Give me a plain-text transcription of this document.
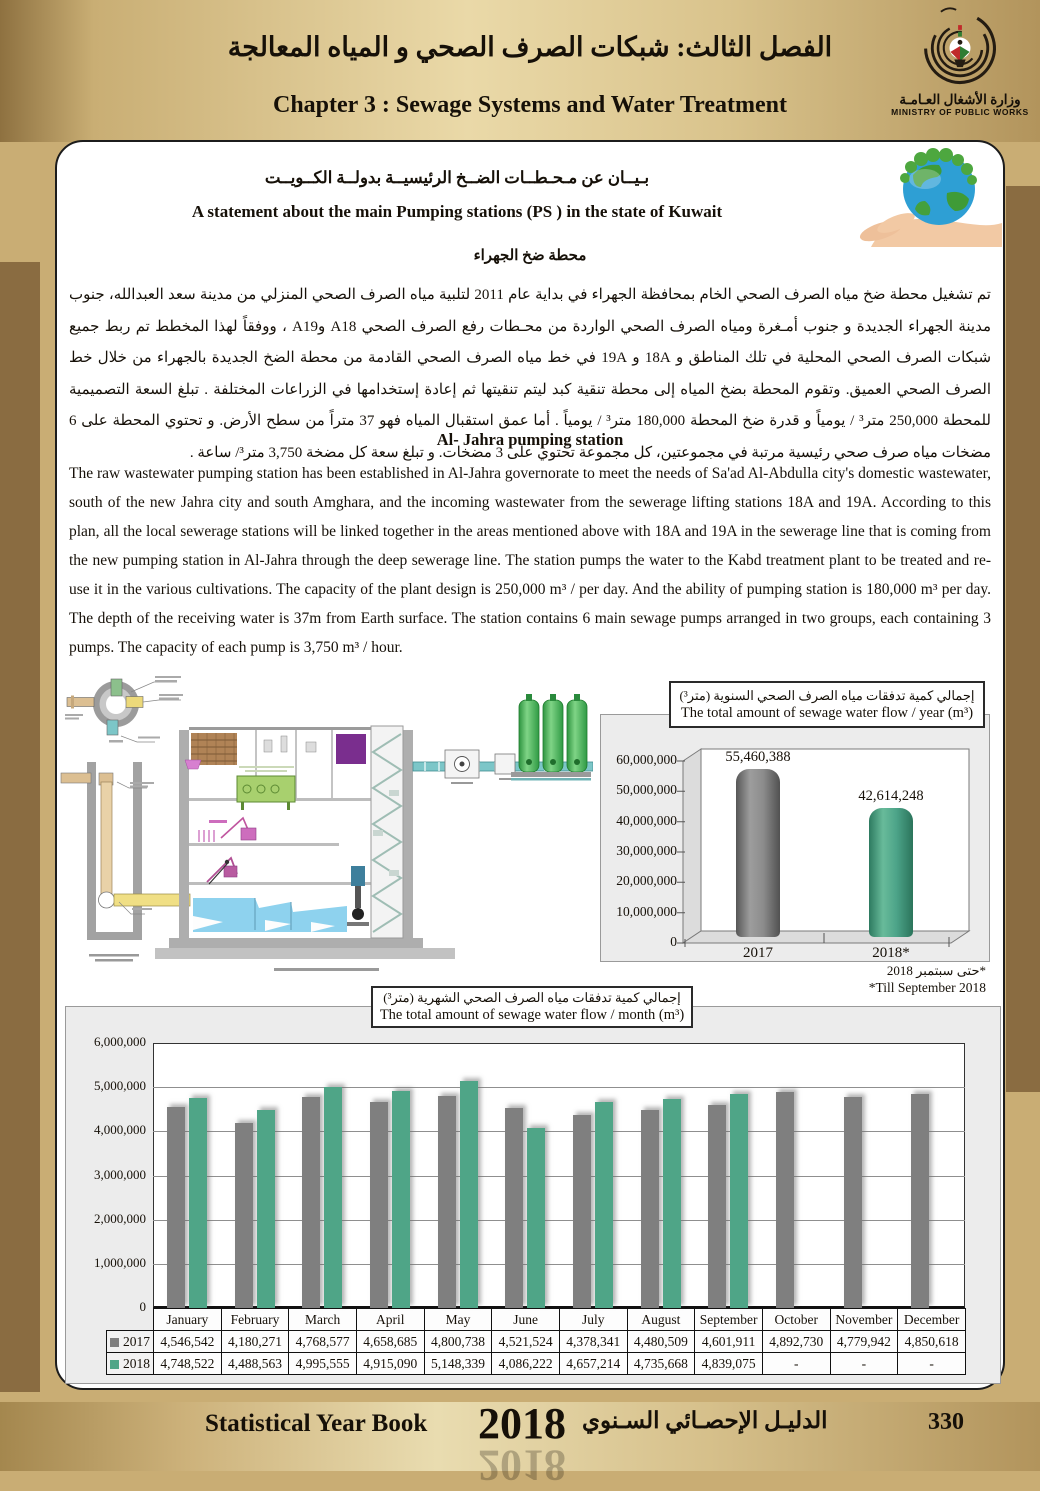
الفصل الثالث: شبكات الصرف الصحي و المياه المعالجة
Chapter 3 : Sewage Systems and Water Treatment	وزارة الأشغال العـامـة
MINISTRY OF PUBLIC WORKS
بـيــان عن مـحـطــات الضــخ الرئيسيــة بدولــة الكــويــت
A statement about the main Pumping stations (PS ) in the state of Kuwait
محطة ضخ الجهراء
تم تشغيل محطة ضخ مياه الصرف الصحي الخام بمحافظة الجهراء في بداية عام 2011 لتلبية مياه الصرف الصحي المنزلي من مدينة سعد العبدالله، جنوب مدينة الجهراء الجديدة و جنوب أمـغرة ومياه الصرف الصحي الواردة من محـطات رفع الصرف الصحي A18 وA19 ، ووفقاً لهذا المخطط تم ربط جميع شبكات الصرف الصحي المحلية في تلك المناطق و 18A و 19A في خط مياه الصرف الصحي القادمة من محطة الضخ الجديدة بالجهراء من خلال خط الصرف الصحي العميق. وتقوم المحطة بضخ المياه إلى محطة تنقية كبد ليتم تنقيتها ثم إعادة إستخدامها في الزراعات المختلفة . تبلغ السعة التصميمية للمحطة 250,000 متر³ / يومياً و قدرة ضخ المحطة 180,000 متر³ / يومياً . أما عمق استقبال المياه فهو 37 متراً من سطح الأرض. و تحتوي المحطة على 6 مضخات مياه صرف صحي رئيسية مرتبة في مجموعتين، كل مجموعة تحتوي على 3 مضخات. و تبلغ سعة كل مضخة 3,750 متر³/ ساعة .
Al- Jahra pumping station
The raw wastewater pumping station has been established in Al-Jahra governorate to meet the needs of Sa'ad Al-Abdulla city's domestic wastewater, south of the new Jahra city and south Amghara, and the incoming wastewater from the sewerage lifting stations 18A and 19A. According to this plan, all the local sewerage stations will be linked together in the areas mentioned above with 18A and 19A in the sewerage line that is coming from the new pumping station in Al-Jahra through the deep sewerage line. The station pumps the water to the Kabd treatment plant to be treated and re-use it in the various cultivations. The capacity of the plant design is 250,000 m³ / per day. And the ability of pumping station is 180,000 m³ per day. The depth of the receiving water is 37m from Earth surface. The station contains 6 main sewage pumps arranged in two groups, each containing 3 pumps. The capacity of each pump is 3,750 m³ / hour.
إجمالي كمية تدفقات مياه الصرف الصحي السنوية (متر³)
The total amount of sewage water flow / year (m³)
0
10,000,000
20,000,000
30,000,000
40,000,000
50,000,000
60,000,000	55,460,388
2017
42,614,248
2018*
*حتى سبتمبر 2018
*Till September 2018
إجمالي كمية تدفقات مياه الصرف الصحي الشهرية (متر³)
The total amount of sewage water flow / month (m³)
	January	February	March	April	May	June	July	August	September	October	November	December
2017	4,546,542	4,180,271	4,768,577	4,658,685	4,800,738	4,521,524	4,378,341	4,480,509	4,601,911	4,892,730	4,779,942	4,850,618
2018	4,748,522	4,488,563	4,995,555	4,915,090	5,148,339	4,086,222	4,657,214	4,735,668	4,839,075	-	-	-
0
1,000,000
2,000,000
3,000,000
4,000,000
5,000,000
6,000,000
Statistical Year Book 2018
2018
الدليـل الإحصـائي السـنوي	330
